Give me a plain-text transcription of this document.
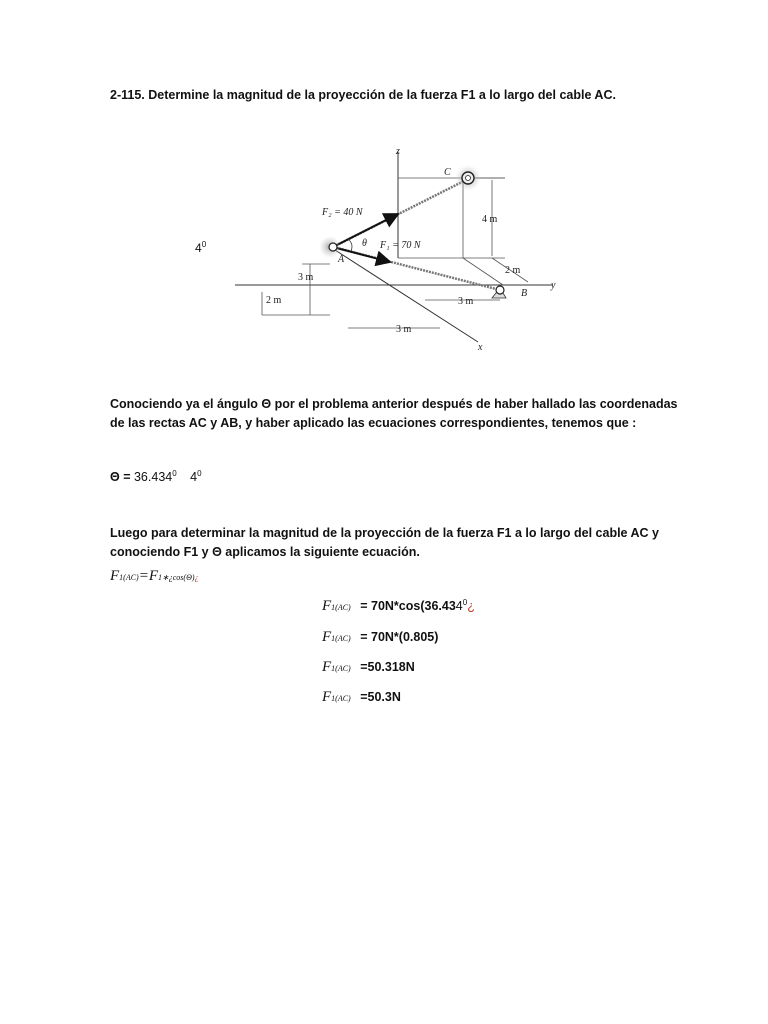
2-115. Determine la magnitud de la proyección de la fuerza F1 a lo largo del cable AC.
$4^0$
z
y
x
4 m
2 m
3 m
3 m
2 m
3 m
F₂ = 40 N
F₁ = 70 N
θ
A
C
B
Conociendo ya el ángulo Θ por el problema anterior después de haber hallado las coordenadas
de las rectas AC y AB, y haber aplicado las ecuaciones correspondientes, tenemos que :
$\Theta = 36.434^0$ $4^0$
Luego para determinar la magnitud de la proyección de la fuerza F1 a lo largo del cable AC y
conociendo F1 y Θ aplicamos la siguiente ecuación.
F1(AC)=F1∗¿cos(Θ)¿
$F1(AC) = 70N*\cos(36.434^0¿$
F1(AC) = 70N*(0.805)
F1(AC) =50.318N
F1(AC) =50.3N
